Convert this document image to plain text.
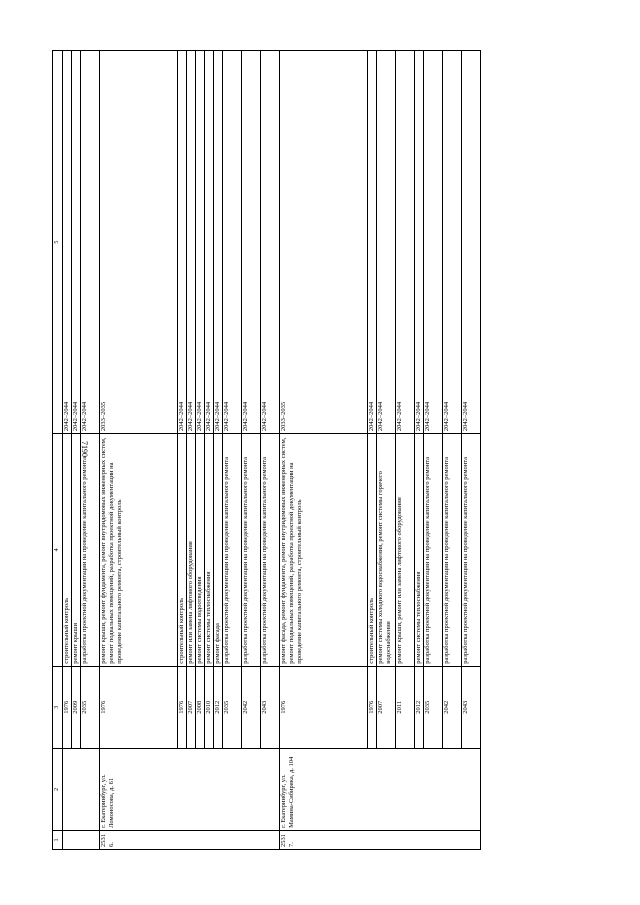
7190
1	2	3	4	5
		1976	строительный контроль	2042–2044
		2009	ремонт крыши	2042–2044
		2035	разработка проектной документации на проведение капитального ремонта	2042–2044
25316.	г. Екатеринбург, ул. Ломоносова, д. 61	1976	ремонт крыши, ремонт фундамента, ремонт внутридомовых инженерных систем, ремонт подвальных помещений, разработка проектной документации на проведение капитального ремонта, строительный контроль	2033–2035
		1976	строительный контроль	2042–2044
		2007	ремонт или замена лифтового оборудования	2042–2044
		2008	ремонт системы водоотведения	2042–2044
		2010	ремонт системы теплоснабжения	2042–2044
		2012	ремонт фасада	2042–2044
		2035	разработка проектной документации на проведение капитального ремонта	2042–2044
		2042	разработка проектной документации на проведение капитального ремонта	2042–2044
		2043	разработка проектной документации на проведение капитального ремонта	2042–2044
25317.	г. Екатеринбург, ул. Мамина-Сибиряка, д. 104	1976	ремонт фасада, ремонт фундамента, ремонт внутридомовых инженерных систем, ремонт подвальных помещений, разработка проектной документации на проведение капитального ремонта, строительный контроль	2033–2035
		1976	строительный контроль	2042–2044
		2007	ремонт системы холодного водоснабжения, ремонт системы горячего водоснабжения	2042–2044
		2011	ремонт крыши, ремонт или замена лифтового оборудования	2042–2044
		2012	ремонт системы теплоснабжения	2042–2044
		2035	разработка проектной документации на проведение капитального ремонта	2042–2044
		2042	разработка проектной документации на проведение капитального ремонта	2042–2044
		2043	разработка проектной документации на проведение капитального ремонта	2042–2044
